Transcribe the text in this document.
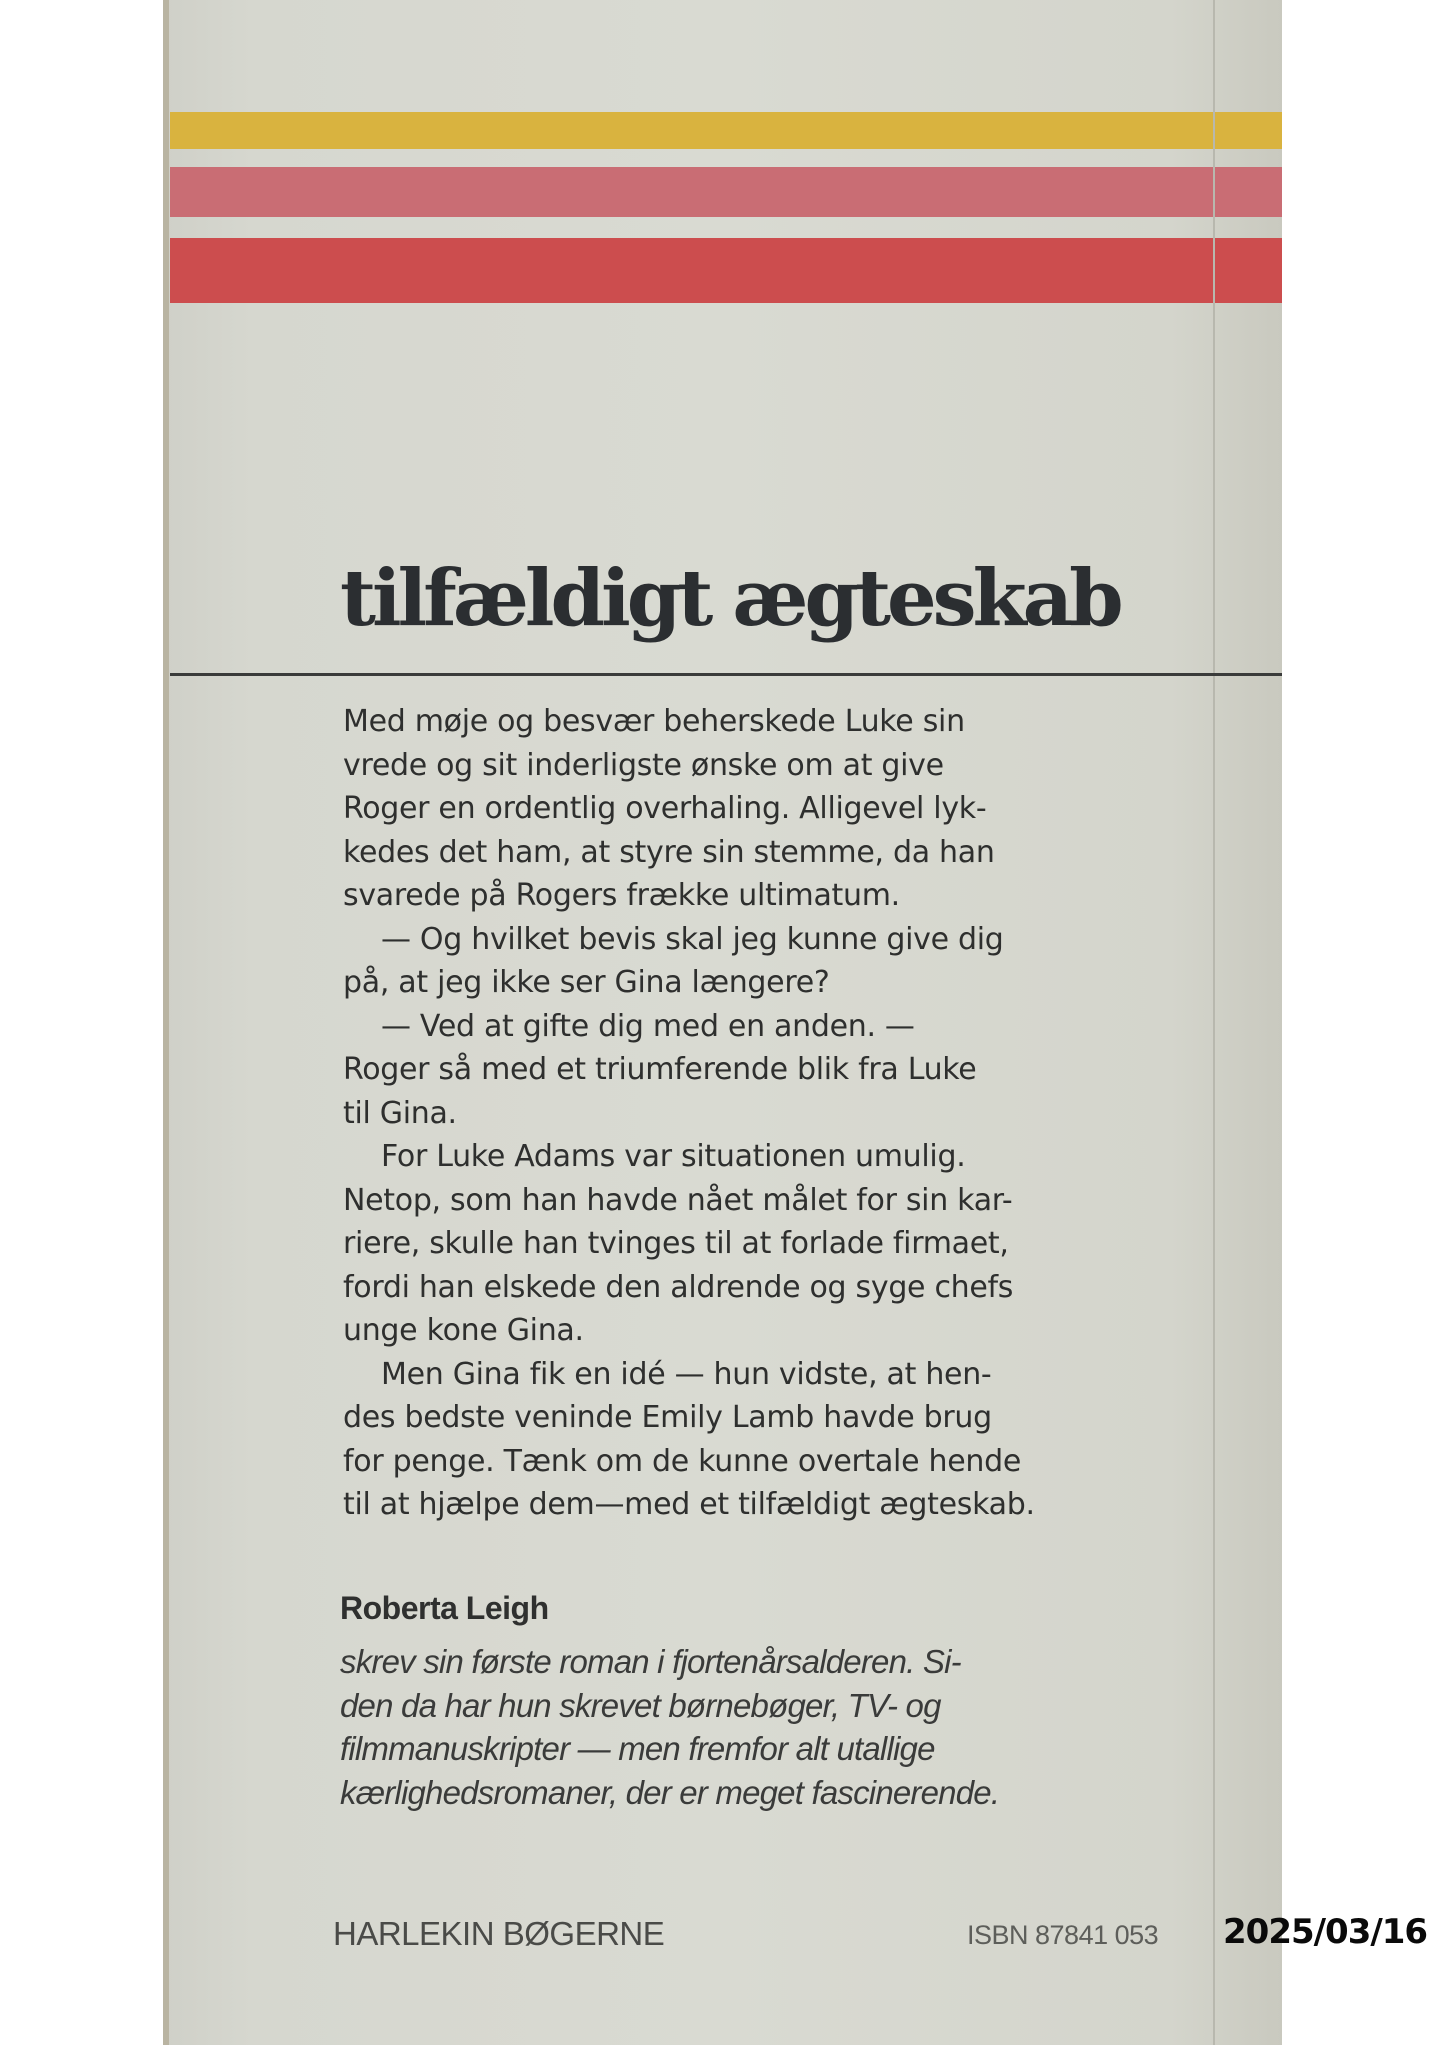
tilfældigt ægteskab
Med møje og besvær beherskede Luke sin
vrede og sit inderligste ønske om at give
Roger en ordentlig overhaling. Alligevel lyk-
kedes det ham, at styre sin stemme, da han
svarede på Rogers frække ultimatum.
— Og hvilket bevis skal jeg kunne give dig
på, at jeg ikke ser Gina længere?
— Ved at gifte dig med en anden. —
Roger så med et triumferende blik fra Luke
til Gina.
For Luke Adams var situationen umulig.
Netop, som han havde nået målet for sin kar-
riere, skulle han tvinges til at forlade firmaet,
fordi han elskede den aldrende og syge chefs
unge kone Gina.
Men Gina fik en idé — hun vidste, at hen-
des bedste veninde Emily Lamb havde brug
for penge. Tænk om de kunne overtale hende
til at hjælpe dem—med et tilfældigt ægteskab.
Roberta Leigh
skrev sin første roman i fjortenårsalderen. Si-
den da har hun skrevet børnebøger, TV- og
filmmanuskripter — men fremfor alt utallige
kærlighedsromaner, der er meget fascinerende.
HARLEKIN BØGERNE	ISBN 87841 053 2025/03/16
